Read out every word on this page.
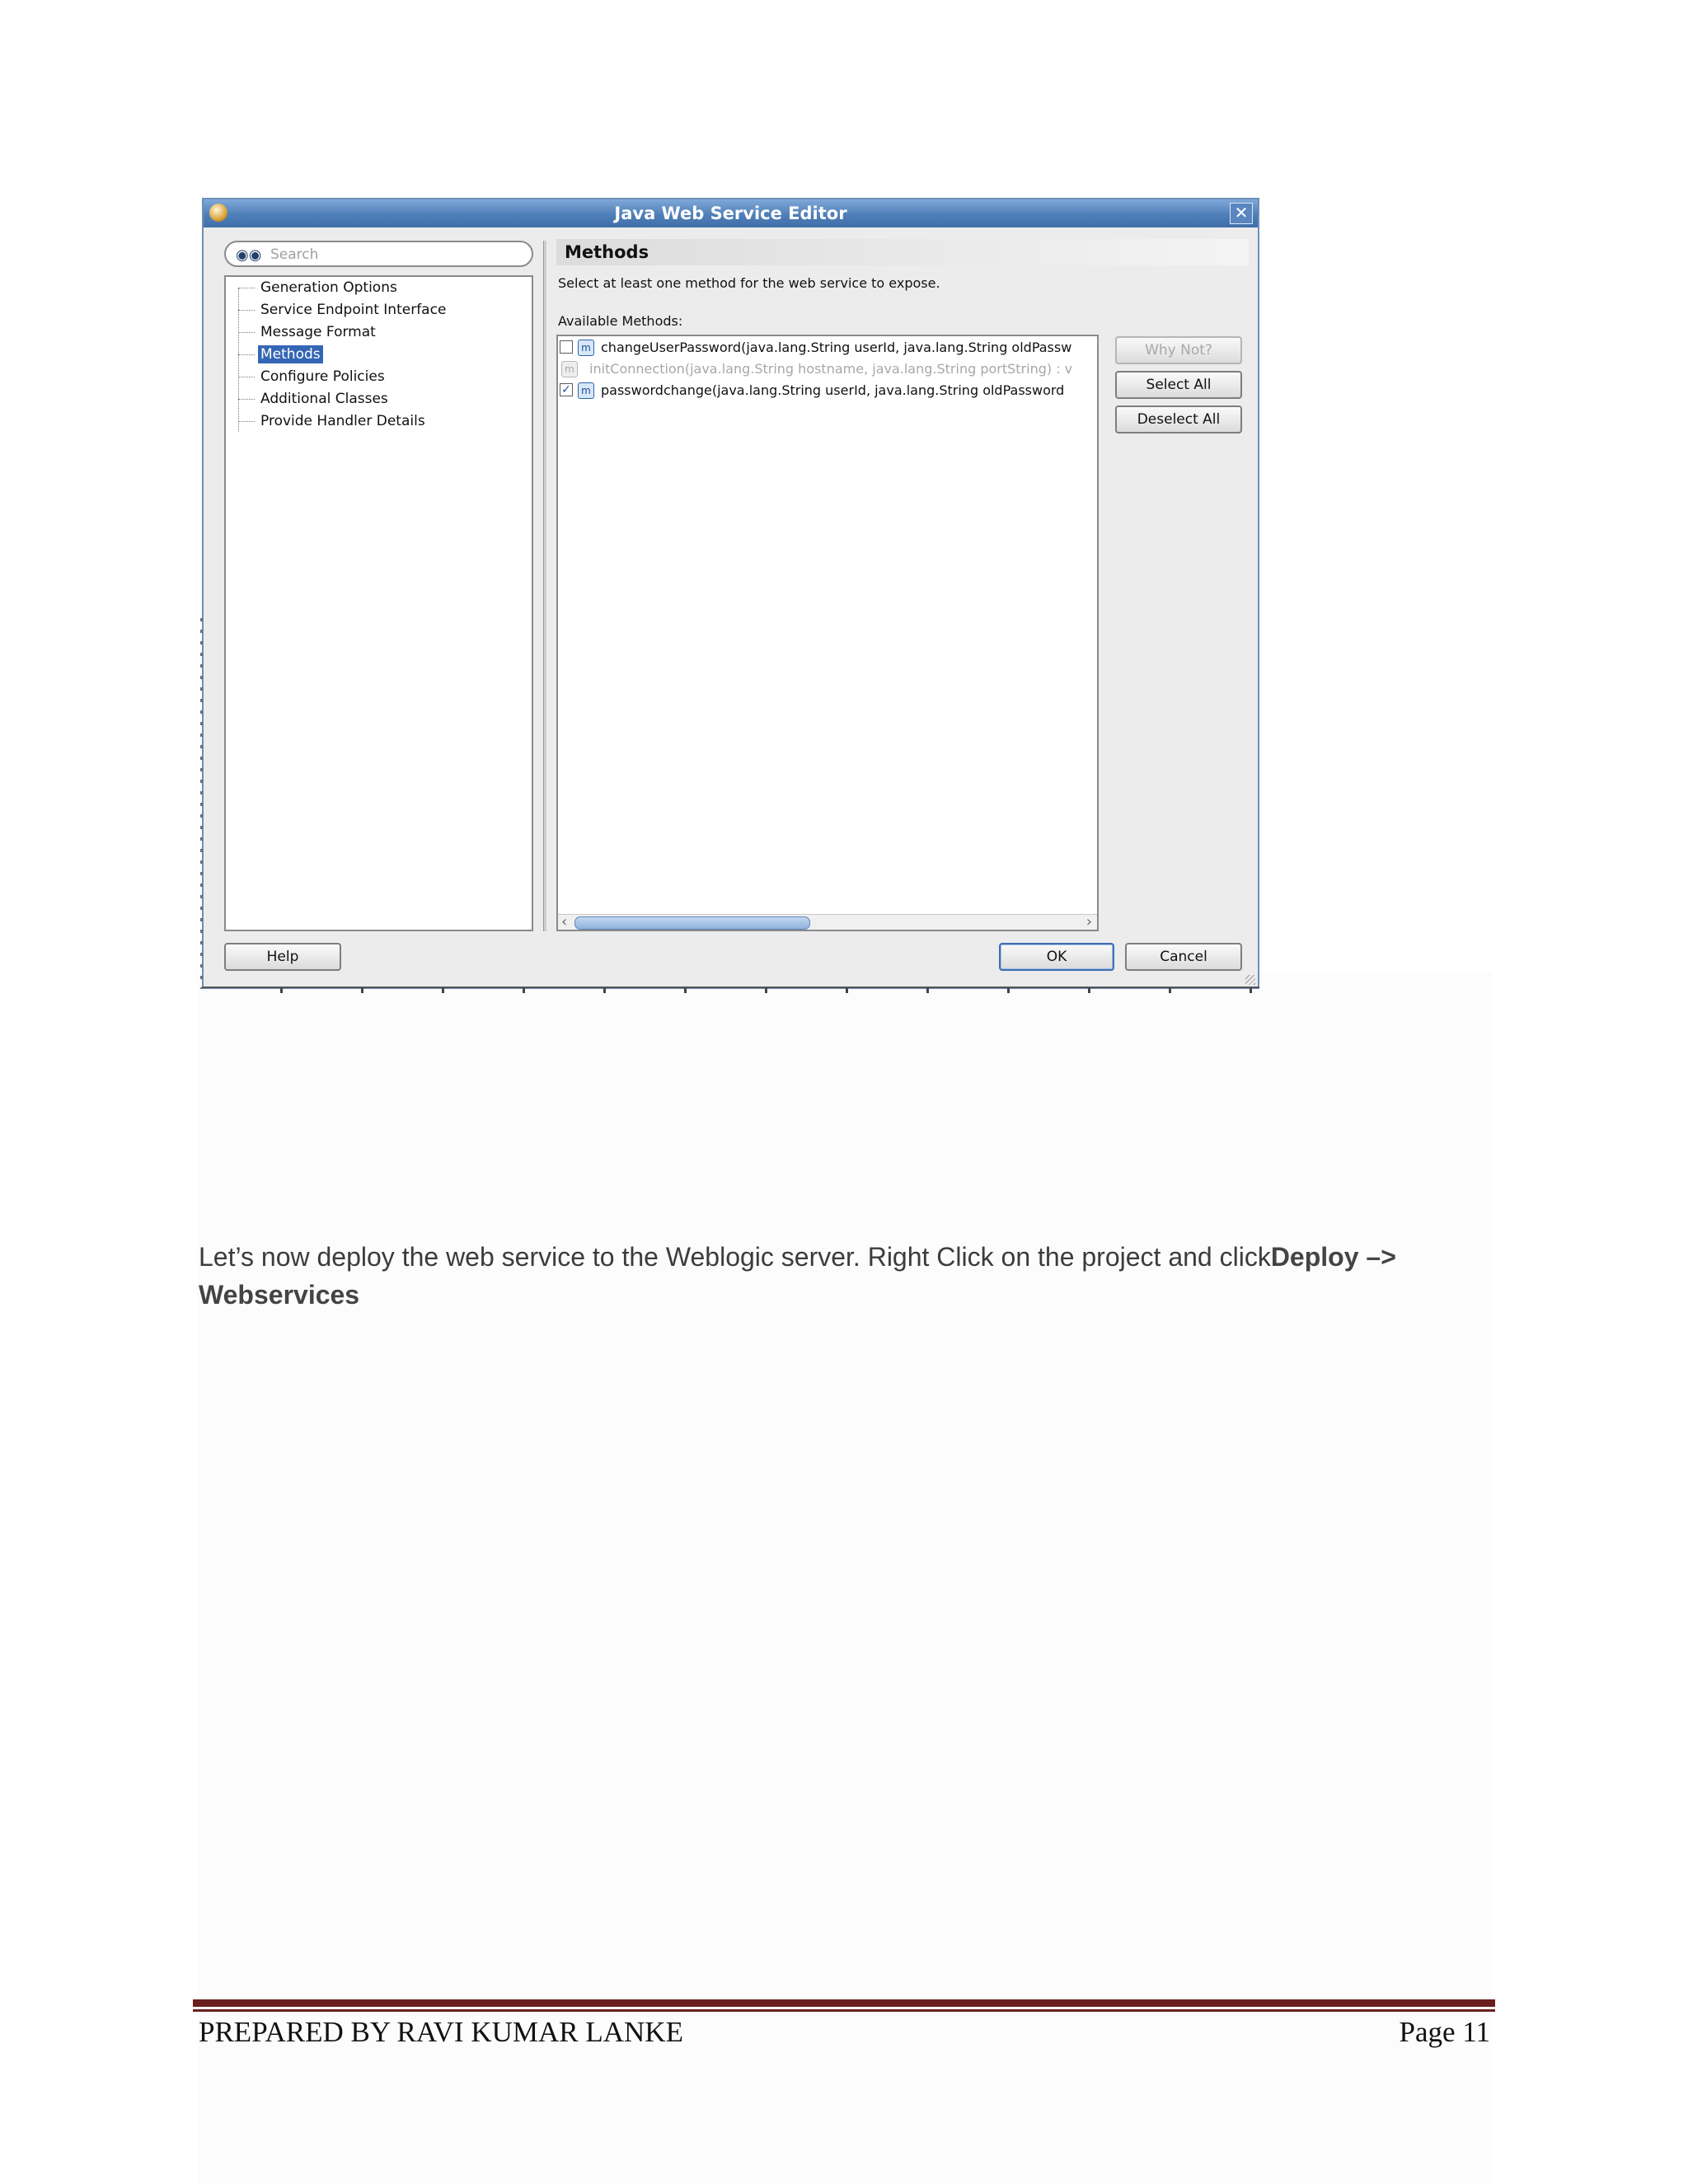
Java Web Service Editor	✕
◉◉ Search
Generation Options
Service Endpoint Interface
Message Format
Methods
Configure Policies
Additional Classes
Provide Handler Details
Methods
Select at least one method for the web service to expose.
Available Methods:
m changeUserPassword(java.lang.String userId, java.lang.String oldPassw
m initConnection(java.lang.String hostname, java.lang.String portString) : v
✓	m passwordchange(java.lang.String userId, java.lang.String oldPassword
‹	›
Why Not?
Select All
Deselect All
Help	OK	Cancel
Let’s now deploy the web service to the Weblogic server. Right Click on the project and clickDeploy –> Webservices
PREPARED BY RAVI KUMAR LANKE	Page 11
